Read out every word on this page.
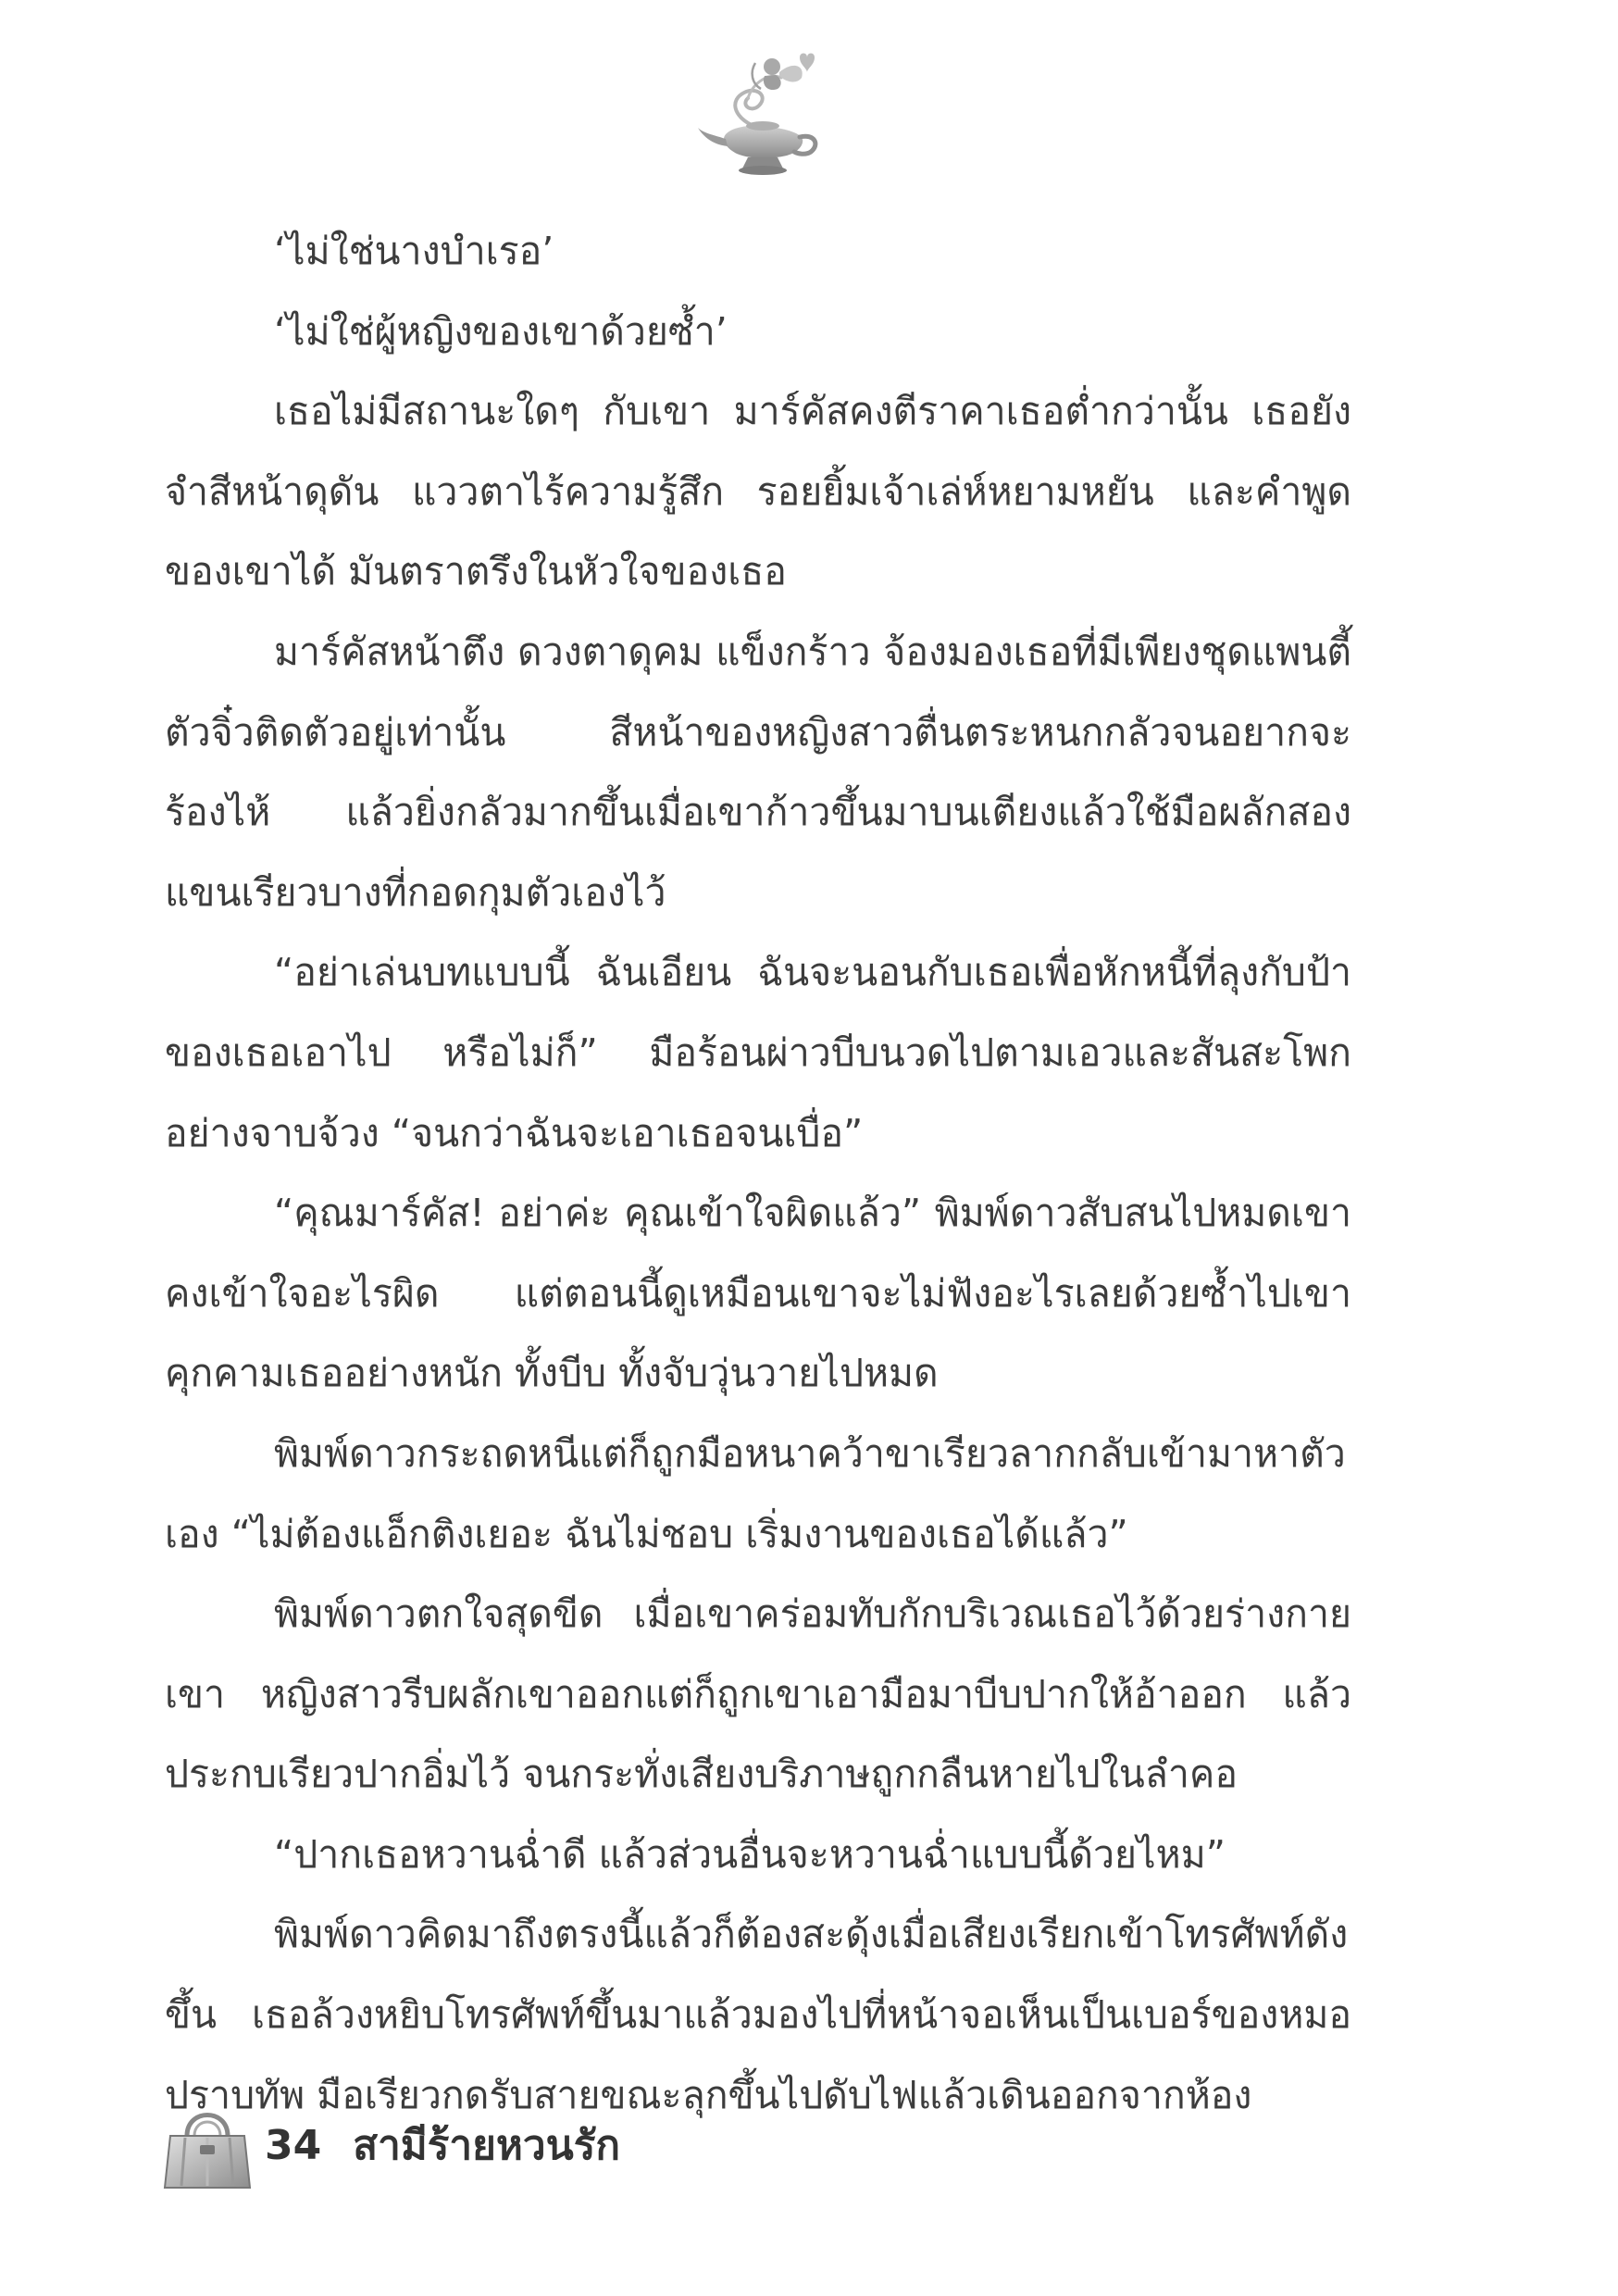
‘ไม่ใช่นางบำเรอ’

‘ไม่ใช่ผู้หญิงของเขาด้วยซ้ำ’

เธอไม่มีสถานะใดๆ กับเขา มาร์คัสคงตีราคาเธอต่ำกว่านั้น เธอยังจำสีหน้าดุดัน แววตาไร้ความรู้สึก รอยยิ้มเจ้าเล่ห์หยามหยัน และคำพูดของเขาได้ มันตราตรึงในหัวใจของเธอ

มาร์คัสหน้าตึง ดวงตาดุคม แข็งกร้าว จ้องมองเธอที่มีเพียงชุดแพนตี้ตัวจิ๋วติดตัวอยู่เท่านั้น สีหน้าของหญิงสาวตื่นตระหนกกลัวจนอยากจะร้องไห้ แล้วยิ่งกลัวมากขึ้นเมื่อเขาก้าวขึ้นมาบนเตียงแล้วใช้มือผลักสองแขนเรียวบางที่กอดกุมตัวเองไว้

“อย่าเล่นบทแบบนี้ ฉันเอียน ฉันจะนอนกับเธอเพื่อหักหนี้ที่ลุงกับป้าของเธอเอาไป หรือไม่ก็” มือร้อนผ่าวบีบนวดไปตามเอวและสันสะโพกอย่างจาบจ้วง “จนกว่าฉันจะเอาเธอจนเบื่อ”

“คุณมาร์คัส! อย่าค่ะ คุณเข้าใจผิดแล้ว” พิมพ์ดาวสับสนไปหมดเขาคงเข้าใจอะไรผิด แต่ตอนนี้ดูเหมือนเขาจะไม่ฟังอะไรเลยด้วยซ้ำไปเขาคุกคามเธออย่างหนัก ทั้งบีบ ทั้งจับวุ่นวายไปหมด

พิมพ์ดาวกระถดหนีแต่ก็ถูกมือหนาคว้าขาเรียวลากกลับเข้ามาหาตัวเอง “ไม่ต้องแอ็กติงเยอะ ฉันไม่ชอบ เริ่มงานของเธอได้แล้ว”

พิมพ์ดาวตกใจสุดขีด เมื่อเขาคร่อมทับกักบริเวณเธอไว้ด้วยร่างกายเขา หญิงสาวรีบผลักเขาออกแต่ก็ถูกเขาเอามือมาบีบปากให้อ้าออก แล้วประกบเรียวปากอิ่มไว้ จนกระทั่งเสียงบริภาษถูกกลืนหายไปในลำคอ

“ปากเธอหวานฉ่ำดี แล้วส่วนอื่นจะหวานฉ่ำแบบนี้ด้วยไหม”

พิมพ์ดาวคิดมาถึงตรงนี้แล้วก็ต้องสะดุ้งเมื่อเสียงเรียกเข้าโทรศัพท์ดังขึ้น เธอล้วงหยิบโทรศัพท์ขึ้นมาแล้วมองไปที่หน้าจอเห็นเป็นเบอร์ของหมอปราบทัพ มือเรียวกดรับสายขณะลุกขึ้นไปดับไฟแล้วเดินออกจากห้อง

34 สามีร้ายหวนรัก
